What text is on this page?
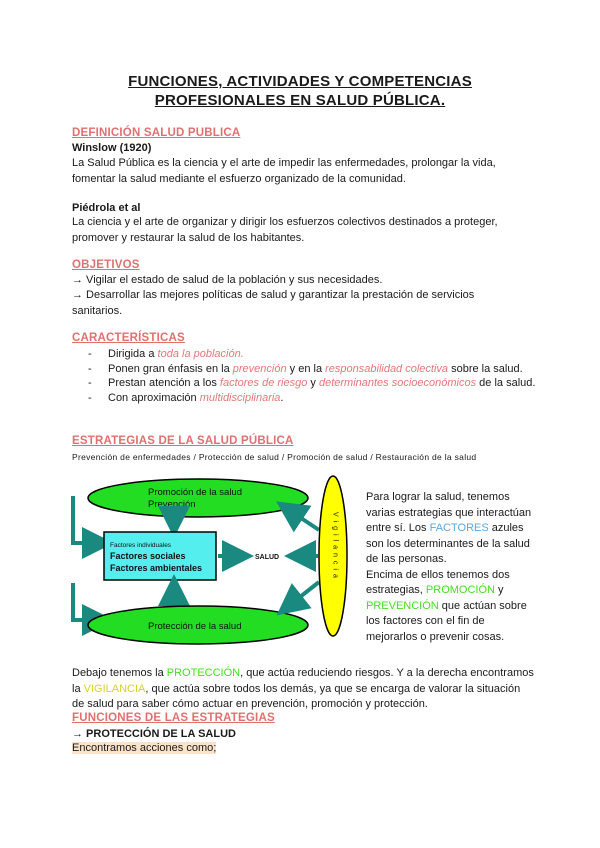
FUNCIONES, ACTIVIDADES Y COMPETENCIAS
PROFESIONALES EN SALUD PÚBLICA.
DEFINICIÓN SALUD PUBLICA
Winslow (1920)
La Salud Pública es la ciencia y el arte de impedir las enfermedades, prolongar la vida, fomentar la salud mediante el esfuerzo organizado de la comunidad.
Piédrola et al
La ciencia y el arte de organizar y dirigir los esfuerzos colectivos destinados a proteger, promover y restaurar la salud de los habitantes.
OBJETIVOS
→ Vigilar el estado de salud de la población y sus necesidades.
→ Desarrollar las mejores políticas de salud y garantizar la prestación de servicios sanitarios.
CARACTERÍSTICAS
- Dirigida a toda la población.
- Ponen gran énfasis en la prevención y en la responsabilidad colectiva sobre la salud.
- Prestan atención a los factores de riesgo y determinantes socioeconómicos de la salud.
- Con aproximación multidisciplinaria.
ESTRATEGIAS DE LA SALUD PÚBLICA
Prevención de enfermedades / Protección de salud / Promoción de salud / Restauración de la salud
Promoción de la salud
Prevención
Factores individuales
Factores sociales
Factores ambientales
SALUD
Protección de la salud
Vigilancia
Para lograr la salud, tenemos varias estrategias que interactúan entre sí. Los FACTORES azules son los determinantes de la salud de las personas.
Encima de ellos tenemos dos estrategias, PROMOCIÓN y PREVENCIÓN que actúan sobre los factores con el fin de mejorarlos o prevenir cosas.
Debajo tenemos la PROTECCIÓN, que actúa reduciendo riesgos. Y a la derecha encontramos la VIGILANCIA, que actúa sobre todos los demás, ya que se encarga de valorar la situación de salud para saber cómo actuar en prevención, promoción y protección.
FUNCIONES DE LAS ESTRATEGIAS
→ PROTECCIÓN DE LA SALUD
Encontramos acciones como;
